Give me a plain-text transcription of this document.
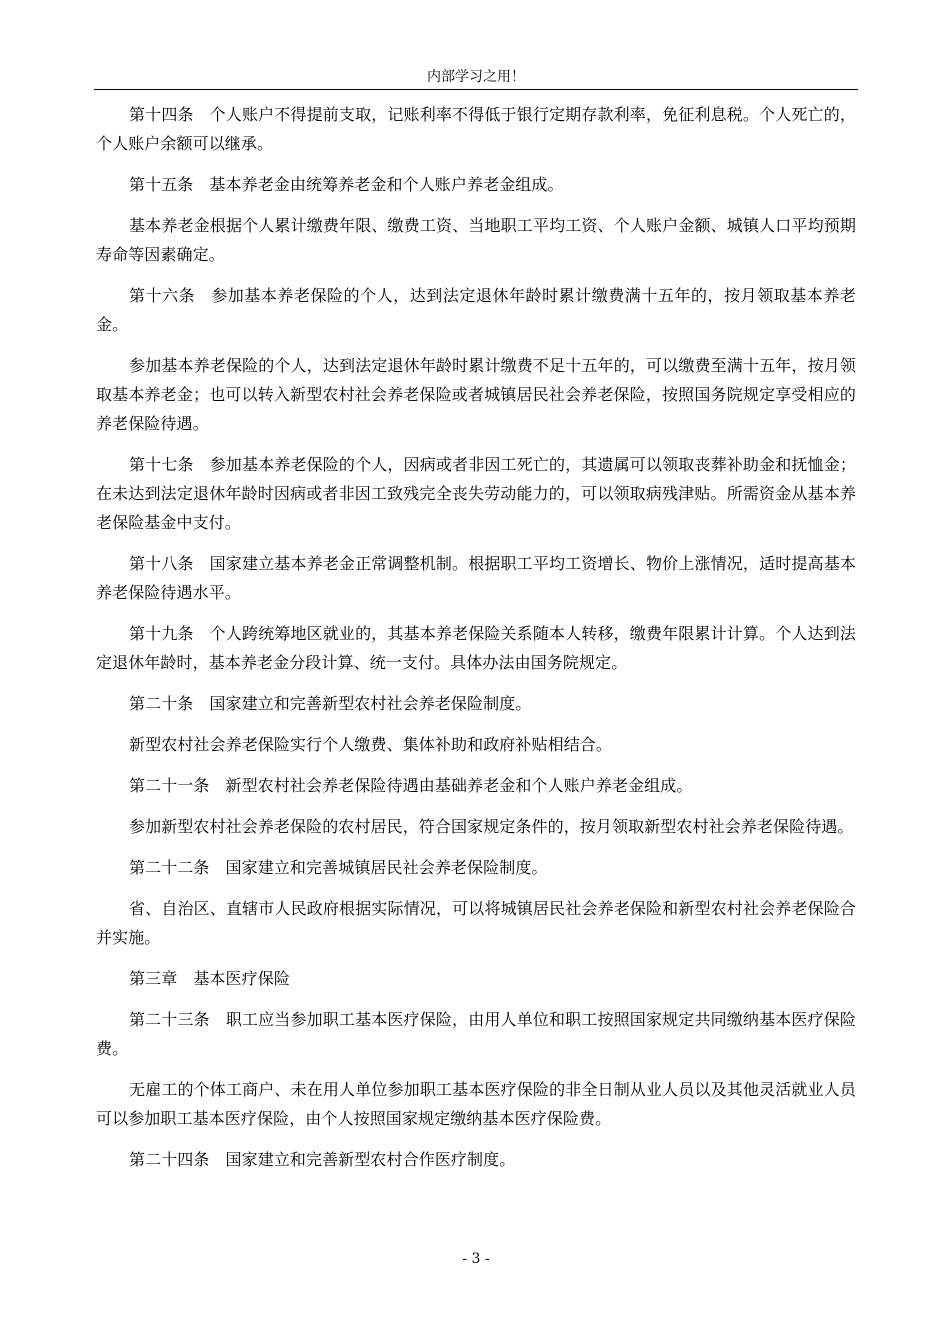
内部学习之用！

第十四条 个人账户不得提前支取，记账利率不得低于银行定期存款利率，免征利息税。个人死亡的，个人账户余额可以继承。

第十五条 基本养老金由统筹养老金和个人账户养老金组成。

基本养老金根据个人累计缴费年限、缴费工资、当地职工平均工资、个人账户金额、城镇人口平均预期寿命等因素确定。

第十六条 参加基本养老保险的个人，达到法定退休年龄时累计缴费满十五年的，按月领取基本养老金。

参加基本养老保险的个人，达到法定退休年龄时累计缴费不足十五年的，可以缴费至满十五年，按月领取基本养老金；也可以转入新型农村社会养老保险或者城镇居民社会养老保险，按照国务院规定享受相应的养老保险待遇。

第十七条 参加基本养老保险的个人，因病或者非因工死亡的，其遗属可以领取丧葬补助金和抚恤金；在未达到法定退休年龄时因病或者非因工致残完全丧失劳动能力的，可以领取病残津贴。所需资金从基本养老保险基金中支付。

第十八条 国家建立基本养老金正常调整机制。根据职工平均工资增长、物价上涨情况，适时提高基本养老保险待遇水平。

第十九条 个人跨统筹地区就业的，其基本养老保险关系随本人转移，缴费年限累计计算。个人达到法定退休年龄时，基本养老金分段计算、统一支付。具体办法由国务院规定。

第二十条 国家建立和完善新型农村社会养老保险制度。

新型农村社会养老保险实行个人缴费、集体补助和政府补贴相结合。

第二十一条 新型农村社会养老保险待遇由基础养老金和个人账户养老金组成。

参加新型农村社会养老保险的农村居民，符合国家规定条件的，按月领取新型农村社会养老保险待遇。

第二十二条 国家建立和完善城镇居民社会养老保险制度。

省、自治区、直辖市人民政府根据实际情况，可以将城镇居民社会养老保险和新型农村社会养老保险合并实施。

第三章 基本医疗保险

第二十三条 职工应当参加职工基本医疗保险，由用人单位和职工按照国家规定共同缴纳基本医疗保险费。

无雇工的个体工商户、未在用人单位参加职工基本医疗保险的非全日制从业人员以及其他灵活就业人员可以参加职工基本医疗保险，由个人按照国家规定缴纳基本医疗保险费。

第二十四条 国家建立和完善新型农村合作医疗制度。

- 3 -
